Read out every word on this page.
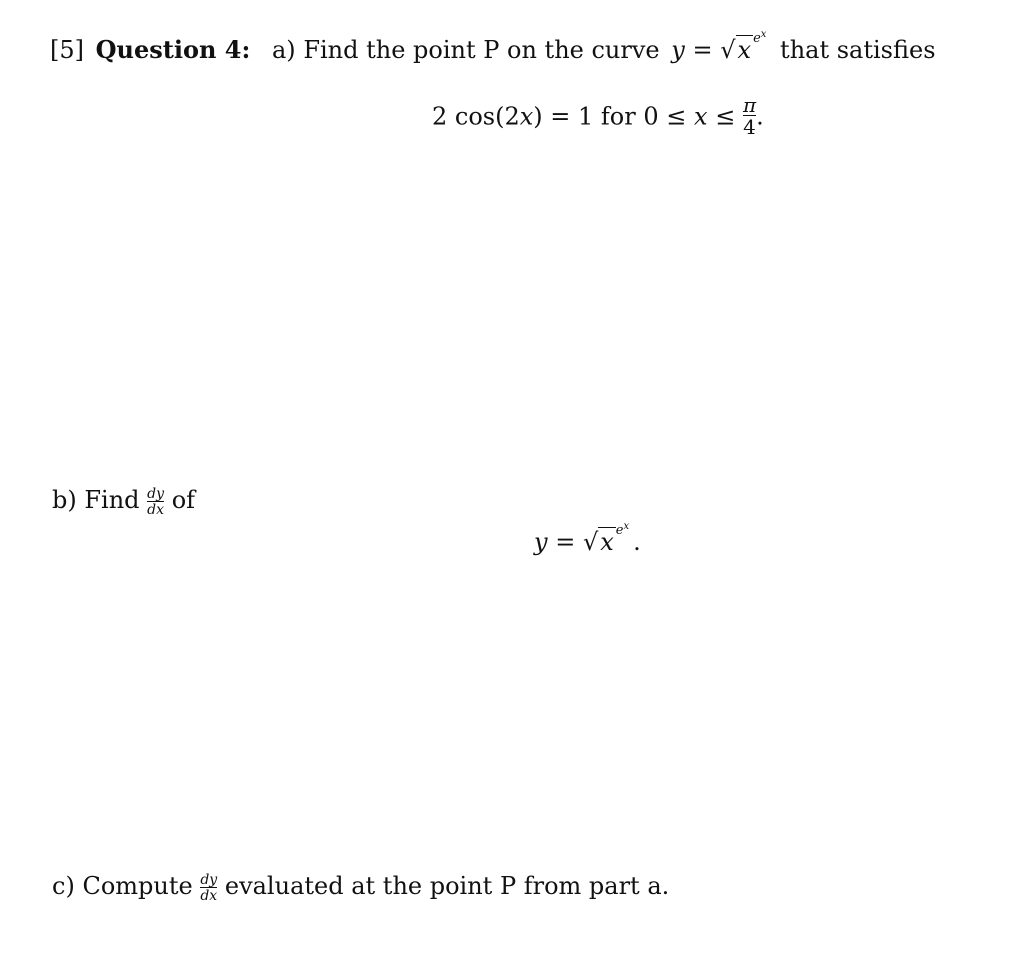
[5] Question 4: a) Find the point P on the curve y = √x $^{e^x}$ that satisfies
2 cos(2x) = 1 for $0 \le x \le \frac{\pi}{4}$ .
b) Find $\frac{dy}{dx}$ of
y = √x $^{e^x}$.
c) Compute $\frac{dy}{dx}$ evaluated at the point P from part a.
